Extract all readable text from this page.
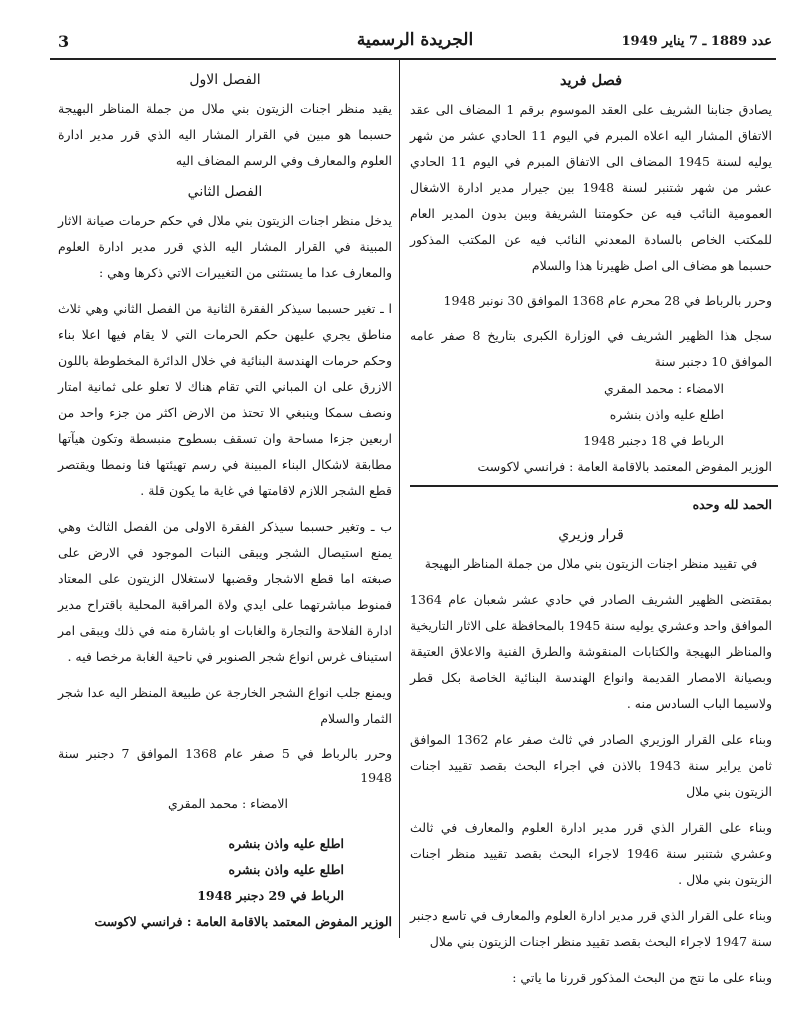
عدد 1889 ـ 7 يناير 1949
الجريدة الرسمية
3
فصل فريد

يصادق جنابنا الشريف على العقد الموسوم برقم 1 المضاف الى عقد الاتفاق المشار اليه اعلاه المبرم في اليوم 11 الحادي عشر من شهر يوليه لسنة 1945 المضاف الى الاتفاق المبرم في اليوم 11 الحادي عشر من شهر شتنبر لسنة 1948 بين جيرار مدير ادارة الاشغال العمومية النائب فيه عن حكومتنا الشريفة وبين بدون المدير العام للمكتب الخاص بالسادة المعدني النائب فيه عن المكتب المذكور حسبما هو مضاف الى اصل ظهيرنا هذا والسلام

وحرر بالرباط في 28 محرم عام 1368 الموافق 30 نونبر 1948

سجل هذا الظهير الشريف في الوزارة الكبرى بتاريخ 8 صفر عامه الموافق 10 دجنبر سنة

الامضاء : محمد المقري
اطلع عليه واذن بنشره
الرباط في 18 دجنبر 1948
الوزير المفوض المعتمد بالاقامة العامة : فرانسي لاكوست
الحمد لله وحده
قرار وزيري
في تقييد منظر اجنات الزيتون بني ملال من جملة المناظر البهيجة

بمقتضى الظهير الشريف الصادر في حادي عشر شعبان عام 1364 الموافق واحد وعشري يوليه سنة 1945 بالمحافظة على الاثار التاريخية والمناظر البهيجة والكتابات المنقوشة والطرق الفنية والاعلاق العتيقة وبصيانة الامصار القديمة وانواع الهندسة البنائية الخاصة بكل قطر ولاسيما الباب السادس منه .

وبناء على القرار الوزيري الصادر في ثالث صفر عام 1362 الموافق ثامن يراير سنة 1943 بالاذن في اجراء البحث بقصد تقييد اجنات الزيتون بني ملال

وبناء على القرار الذي قرر مدير ادارة العلوم والمعارف في ثالث وعشري شتنبر سنة 1946 لاجراء البحث بقصد تقييد منظر اجنات الزيتون بني ملال .

وبناء على القرار الذي قرر مدير ادارة العلوم والمعارف في تاسع دجنبر سنة 1947 لاجراء البحث بقصد تقييد منظر اجنات الزيتون بني ملال

وبناء على ما نتج من البحث المذكور قررنا ما ياتي :

الفصل الاول

يقيد منظر اجنات الزيتون بني ملال من جملة المناظر البهيجة حسبما هو مبين في القرار المشار اليه الذي قرر مدير ادارة العلوم والمعارف وفي الرسم المضاف اليه

الفصل الثاني

يدخل منظر اجنات الزيتون بني ملال في حكم حرمات صيانة الاثار المبينة في القرار المشار اليه الذي قرر مدير ادارة العلوم والمعارف عدا ما يستثنى من التغييرات الاتي ذكرها وهي :

ا ـ تغير حسبما سيذكر الفقرة الثانية من الفصل الثاني وهي ثلاث مناطق يجري عليهن حكم الحرمات التي لا يقام فيها اعلا بناء وحكم حرمات الهندسة البنائية في خلال الدائرة المخطوطة باللون الازرق على ان المباني التي تقام هناك لا تعلو على ثمانية امتار ونصف سمكا وينبغي الا تحتذ من الارض اكثر من جزء واحد من اربعين جزءا مساحة وان تسقف بسطوح منبسطة وتكون هيآتها مطابقة لاشكال البناء المبينة في رسم تهيئتها فنا ونمطا ويقتصر قطع الشجر اللازم لاقامتها في غاية ما يكون قلة .

ب ـ وتغير حسبما سيذكر الفقرة الاولى من الفصل الثالث وهي يمنع استيصال الشجر ويبقى النبات الموجود في الارض على صبغته اما قطع الاشجار وقضبها لاستغلال الزيتون على المعتاد فمنوط مباشرتهما على ايدي ولاة المراقبة المحلية باقتراح مدير ادارة الفلاحة والتجارة والغابات او باشارة منه في ذلك ويبقى امر استيناف غرس انواع شجر الصنوبر في ناحية الغابة مرخصا فيه .

ويمنع جلب انواع الشجر الخارجة عن طبيعة المنظر اليه عدا شجر الثمار والسلام

وحرر بالرباط في 5 صفر عام 1368 الموافق 7 دجنبر سنة 1948

الامضاء : محمد المقري
اطلع عليه واذن بنشره
اطلع عليه واذن بنشره
الرباط في 29 دجنبر 1948
الوزير المفوض المعتمد بالاقامة العامة : فرانسي لاكوست
